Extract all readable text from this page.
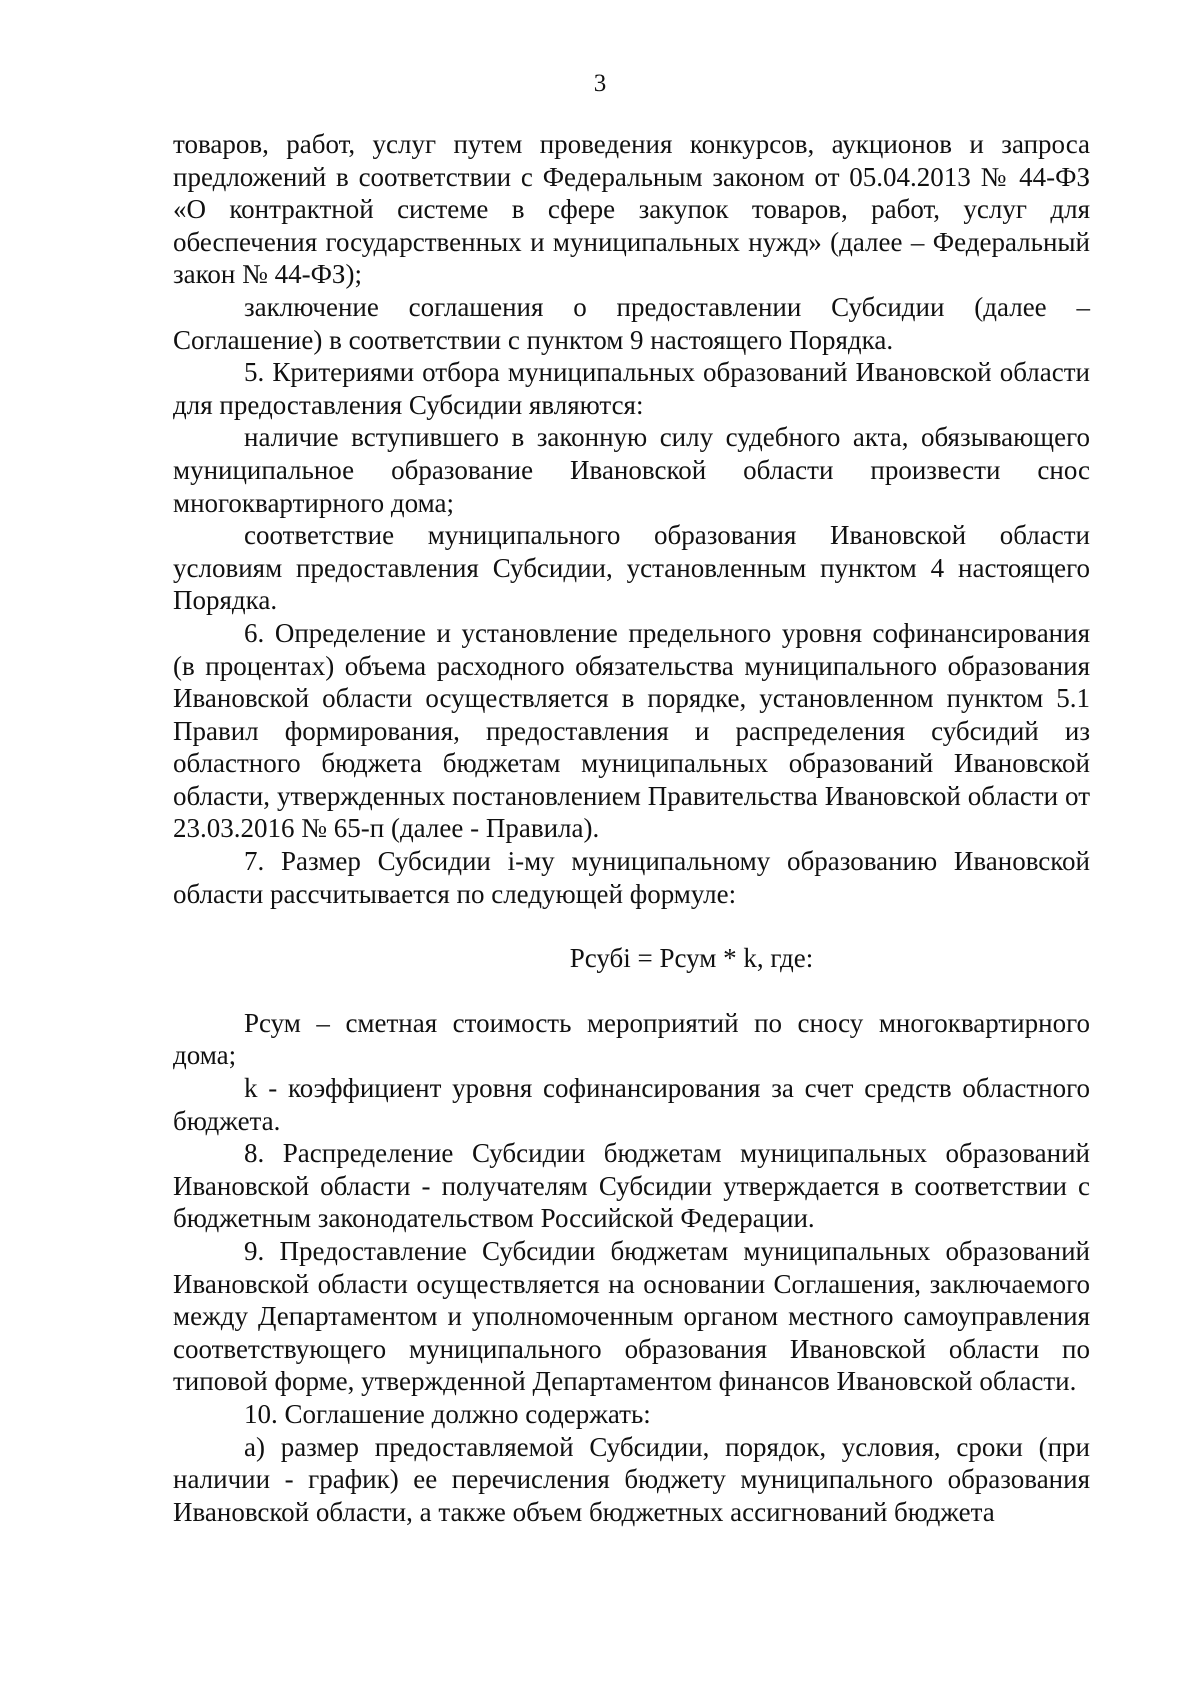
3

товаров, работ, услуг путем проведения конкурсов, аукционов и запроса предложений в соответствии с Федеральным законом от 05.04.2013 № 44-ФЗ «О контрактной системе в сфере закупок товаров, работ, услуг для обеспечения государственных и муниципальных нужд» (далее – Федеральный закон № 44-ФЗ);

заключение соглашения о предоставлении Субсидии (далее – Соглашение) в соответствии с пунктом 9 настоящего Порядка.

5. Критериями отбора муниципальных образований Ивановской области для предоставления Субсидии являются:

наличие вступившего в законную силу судебного акта, обязывающего муниципальное образование Ивановской области произвести снос многоквартирного дома;

соответствие муниципального образования Ивановской области условиям предоставления Субсидии, установленным пунктом 4 настоящего Порядка.

6. Определение и установление предельного уровня софинансирования (в процентах) объема расходного обязательства муниципального образования Ивановской области осуществляется в порядке, установленном пунктом 5.1 Правил формирования, предоставления и распределения субсидий из областного бюджета бюджетам муниципальных образований Ивановской области, утвержденных постановлением Правительства Ивановской области от 23.03.2016 № 65-п (далее - Правила).

7. Размер Субсидии i-му муниципальному образованию Ивановской области рассчитывается по следующей формуле:

Рсубi = Рсум * k, где:

Рсум – сметная стоимость мероприятий по сносу многоквартирного дома;

k - коэффициент уровня софинансирования за счет средств областного бюджета.

8. Распределение Субсидии бюджетам муниципальных образований Ивановской области - получателям Субсидии утверждается в соответствии с бюджетным законодательством Российской Федерации.

9. Предоставление Субсидии бюджетам муниципальных образований Ивановской области осуществляется на основании Соглашения, заключаемого между Департаментом и уполномоченным органом местного самоуправления соответствующего муниципального образования Ивановской области по типовой форме, утвержденной Департаментом финансов Ивановской области.

10. Соглашение должно содержать:

а) размер предоставляемой Субсидии, порядок, условия, сроки (при наличии - график) ее перечисления бюджету муниципального образования Ивановской области, а также объем бюджетных ассигнований бюджета
